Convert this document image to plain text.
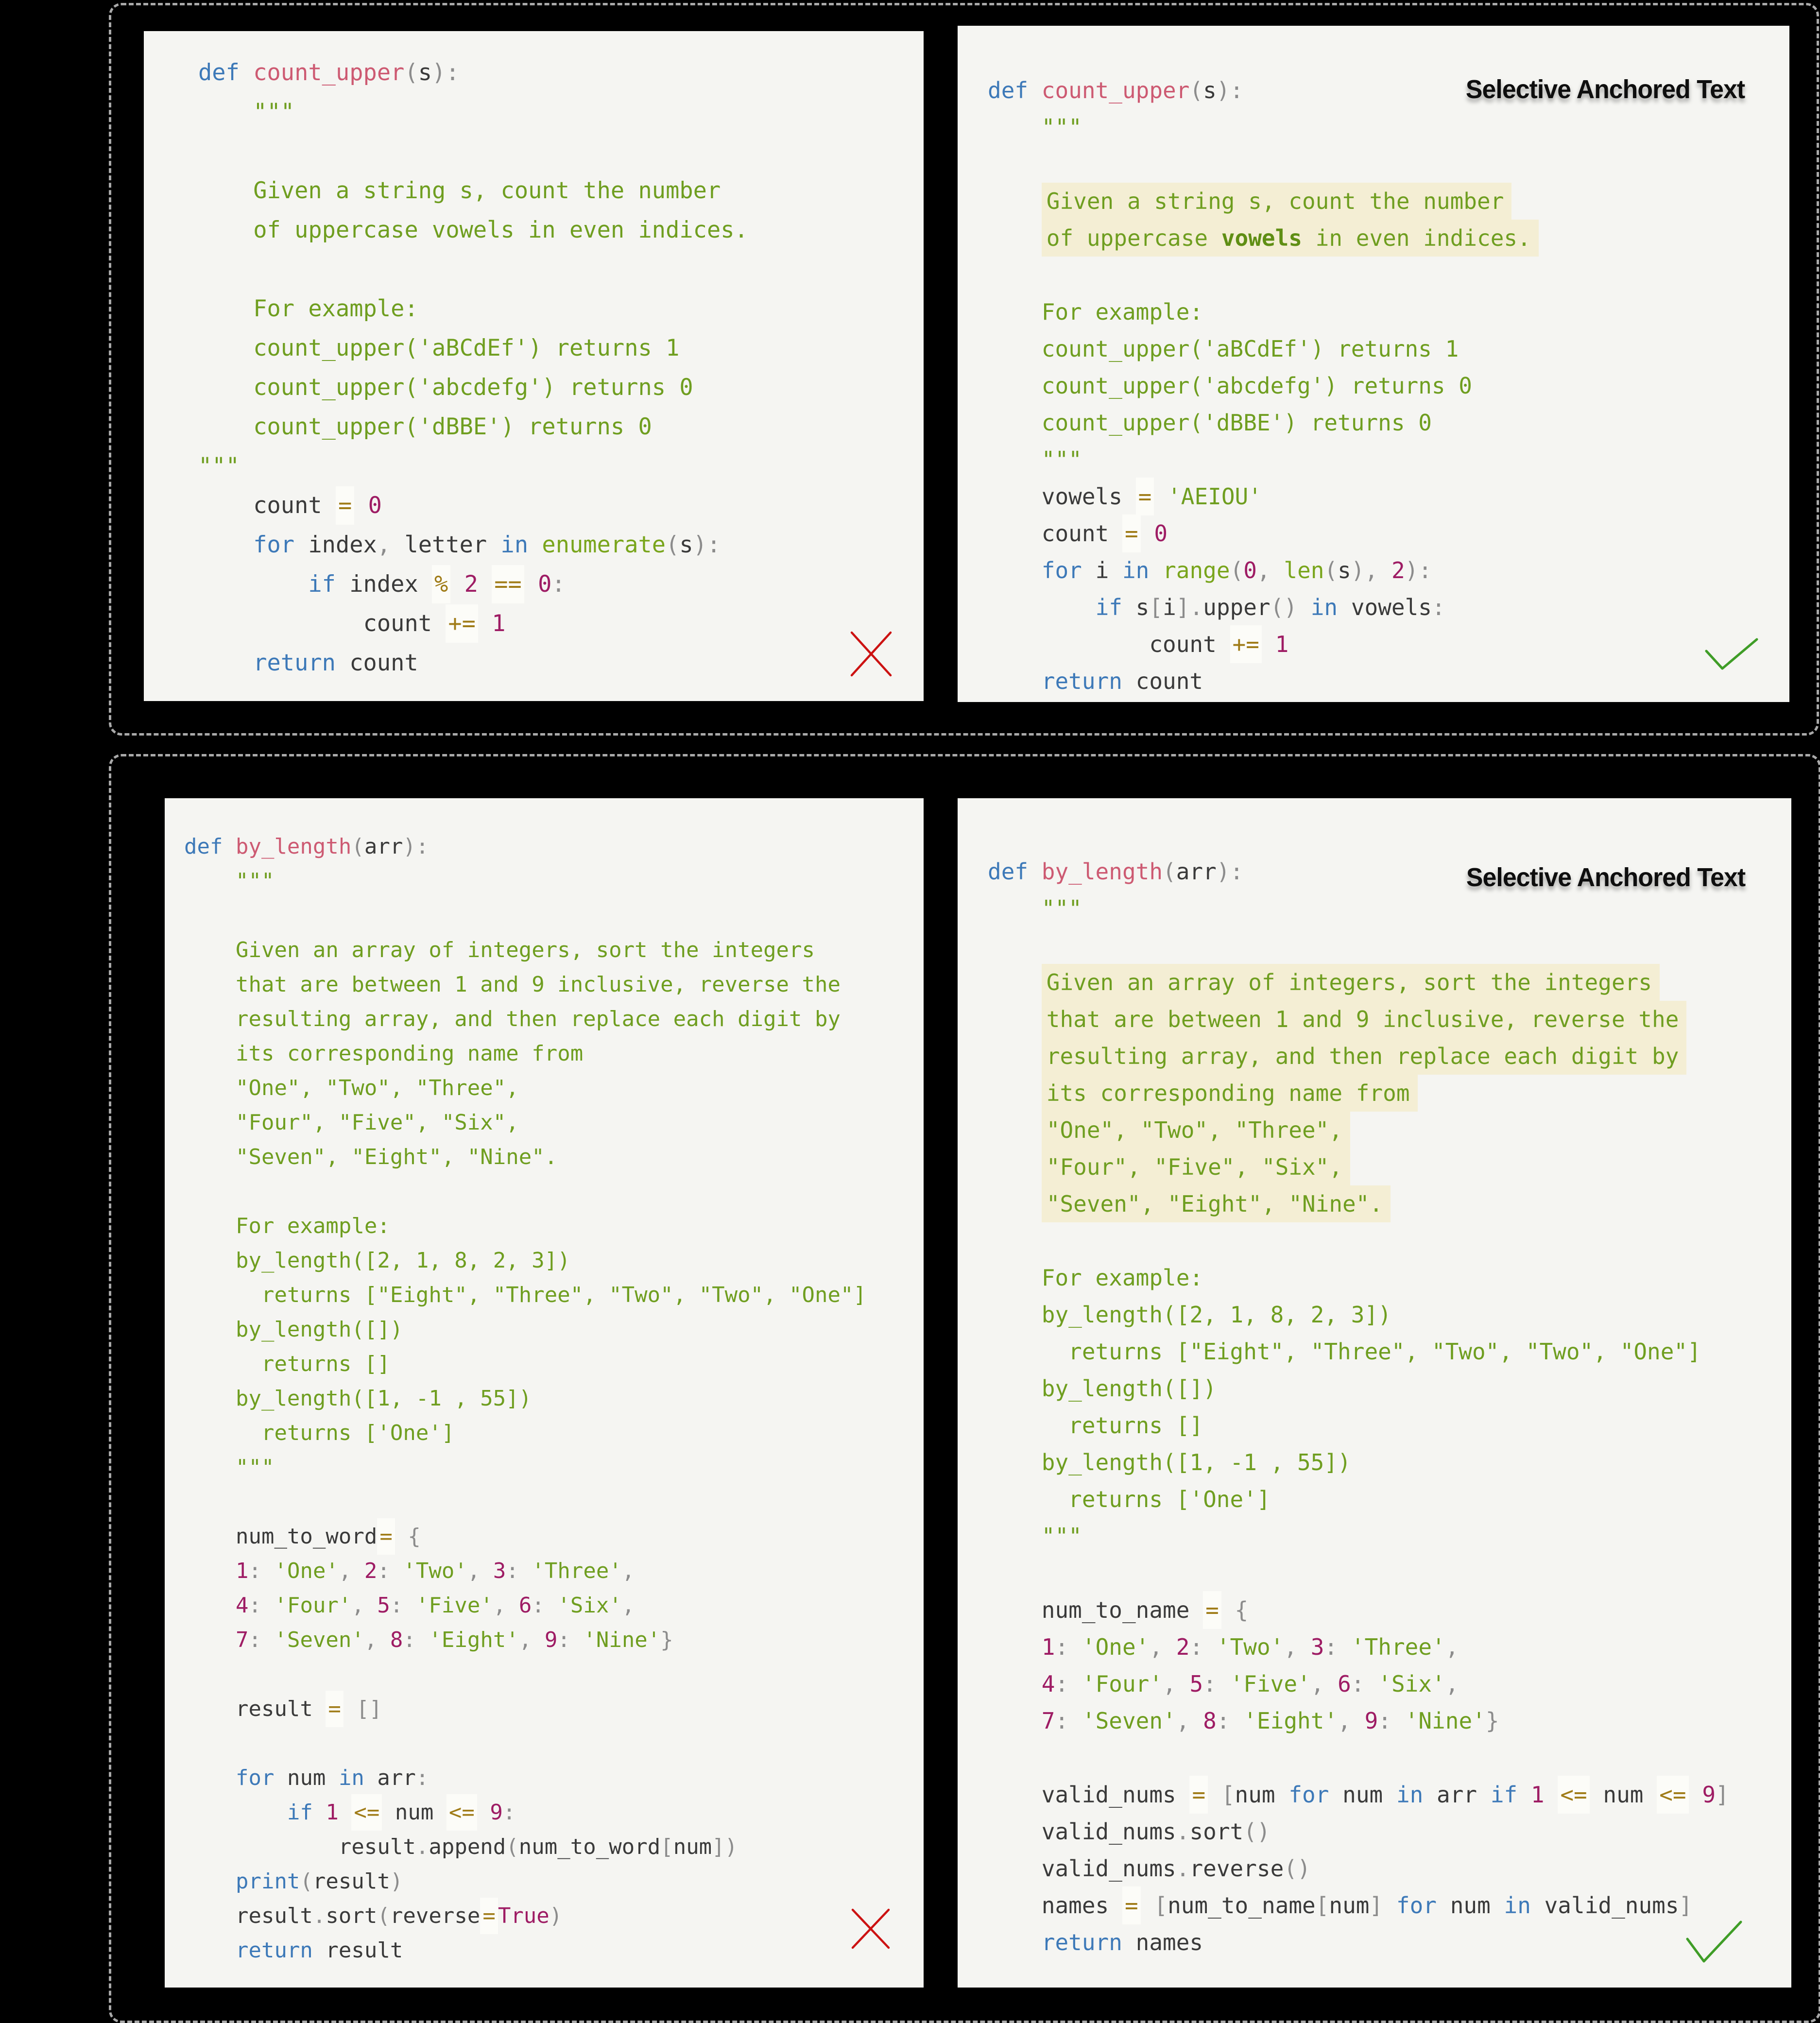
def count_upper(s):
"""

Given a string s, count the number
of uppercase vowels in even indices.

For example:
count_upper('aBCdEf') returns 1
count_upper('abcdefg') returns 0
count_upper('dBBE') returns 0
"""
count = 0
for index, letter in enumerate(s):
if index % 2 == 0:
count += 1
return count
Selective Anchored Text
def count_upper(s):
"""

Given a string s, count the number
of uppercase vowels in even indices.

For example:
count_upper('aBCdEf') returns 1
count_upper('abcdefg') returns 0
count_upper('dBBE') returns 0
"""
vowels = 'AEIOU'
count = 0
for i in range(0, len(s), 2):
if s[i].upper() in vowels:
count += 1
return count
def by_length(arr):
"""

Given an array of integers, sort the integers
that are between 1 and 9 inclusive, reverse the
resulting array, and then replace each digit by
its corresponding name from
"One", "Two", "Three",
"Four", "Five", "Six",
"Seven", "Eight", "Nine".

For example:
by_length([2, 1, 8, 2, 3])
returns ["Eight", "Three", "Two", "Two", "One"]
by_length([])
returns []
by_length([1, -1 , 55])
returns ['One']
"""

num_to_word = {
1: 'One', 2: 'Two', 3: 'Three',
4: 'Four', 5: 'Five', 6: 'Six',
7: 'Seven', 8: 'Eight', 9: 'Nine'}

result = []

for num in arr:
if 1 <= num <= 9:
result.append(num_to_word[num])
print(result)
result.sort(reverse = True)
return result
Selective Anchored Text
def by_length(arr):
"""

Given an array of integers, sort the integers
that are between 1 and 9 inclusive, reverse the
resulting array, and then replace each digit by
its corresponding name from
"One", "Two", "Three",
"Four", "Five", "Six",
"Seven", "Eight", "Nine".

For example:
by_length([2, 1, 8, 2, 3])
returns ["Eight", "Three", "Two", "Two", "One"]
by_length([])
returns []
by_length([1, -1 , 55])
returns ['One']
"""

num_to_name = {
1: 'One', 2: 'Two', 3: 'Three',
4: 'Four', 5: 'Five', 6: 'Six',
7: 'Seven', 8: 'Eight', 9: 'Nine'}

valid_nums = [num for num in arr if 1 <= num <= 9]
valid_nums.sort()
valid_nums.reverse()
names = [num_to_name[num] for num in valid_nums]
return names
